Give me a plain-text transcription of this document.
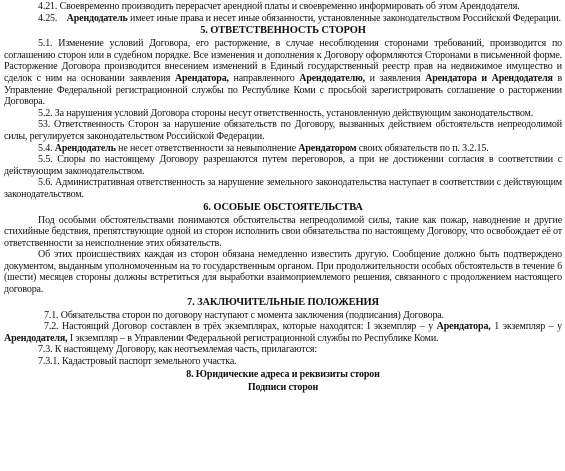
4.21. Своевременно производить перерасчет арендной платы и своевременно информировать об этом Арендодателя.

4.25. Арендодатель имеет иные права и несет иные обязанности, установленные законодательством Российской Федерации.

5. ОТВЕТСТВЕННОСТЬ СТОРОН

5.1. Изменение условий Договора, его расторжение, в случае несоблюдения сторонами требований, производится по соглашению сторон или в судебном порядке. Все изменения и дополнения к Договору оформляются Сторонами в письменной форме. Расторжение Договора производится внесением изменений в Единый государственный реестр прав на недвижимое имущество и сделок с ним на основании заявления Арендатора, направленного Арендодателю, и заявления Арендатора и Арендодателя в Управление Федеральной регистрационной службы по Республике Коми с просьбой зарегистрировать соглашение о расторжении Договора.

5.2. За нарушения условий Договора стороны несут ответственность, установленную действующим законодательством.

53. Ответственность Сторон за нарушение обязательств по Договору, вызванных действием обстоятельств непреодолимой силы, регулируется законодательством Российской Федерации.

5.4. Арендодатель не несет ответственности за невыполнение Арендатором своих обязательств по п. 3.2.15.

5.5. Споры по настоящему Договору разрешаются путем переговоров, а при не достижении согласия в соответствии с действующим законодательством.

5.6. Административная ответственность за нарушение земельного законодательства наступает в соответствии с действующим законодательством.

6. ОСОБЫЕ ОБСТОЯТЕЛЬСТВА

Под особыми обстоятельствами понимаются обстоятельства непреодолимой силы, такие как пожар, наводнение и другие стихийные бедствия, препятствующие одной из сторон исполнить свои обязательства по настоящему Договору, что освобождает её от ответственности за неисполнение этих обязательств.

Об этих происшествиях каждая из сторон обязана немедленно известить другую. Сообщение должно быть подтверждено документом, выданным уполномоченным на то государственным органом. При продолжительности особых обстоятельств в течение 6 (шести) месяцев стороны должны встретиться для выработки взаимоприемлемого решения, связанного с продолжением настоящего договора.

7. ЗАКЛЮЧИТЕЛЬНЫЕ ПОЛОЖЕНИЯ

7.1. Обязательства сторон по договору наступают с момента заключения (подписания) Договора.

7.2. Настоящий Договор составлен в трёх экземплярах, которые находятся: I экземпляр – у Арендатора, 1 экземпляр – у Арендодателя, I экземпляр – в Управлении Федеральной регистрационной службы по Республике Коми.

7.3. К настоящему Договору, как неотъемлемая часть, прилагаются:

7.3.1. Кадастровый паспорт земельного участка.

8. Юридические адреса и реквизиты сторон
Подписи сторон
